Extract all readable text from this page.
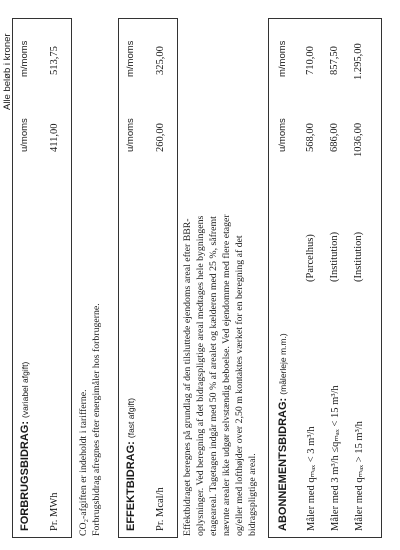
Alle beløb i kroner
FORBRUGSBIDRAG: (variabel afgift)
u/moms
m/moms
Pr. MWh
411,00
513,75
CO₂-afgiften er indeholdt i tarifferne. Forbrugsbidrag afregnes efter energimåler hos forbrugerne. EFFEKTBIDRAG: (fast afgift)
u/moms
m/moms
Pr. Mcal/h
260,00
325,00
Effektbidraget beregnes på grundlag af den tilsluttede ejendoms areal efter BBR- oplysninger. Ved beregning af det bidragspligtige areal medtages hele bygningens etageareal. Tagetagen indgår med 50 % af arealet og kælderen med 25 %, såfremt nævnte arealer ikke udgør selvstændig beboelse. Ved ejendomme med flere etager og/eller med lofthøjder over 2,50 m kontaktes værket for en beregning af det bidragspligtige areal. ABONNEMENTSBIDRAG: (målerleje m.m.)
u/moms
m/moms
Måler med qₘₐₓ < 3 m³/h
(Parcelhus)
568,00
710,00
Måler med 3 m³/h ≤qₘₐₓ < 15 m³/h
(Institution)
686,00
857,50
Måler med qₘₐₓ > 15 m³/h
(Institution)
1036,00
1.295,00
